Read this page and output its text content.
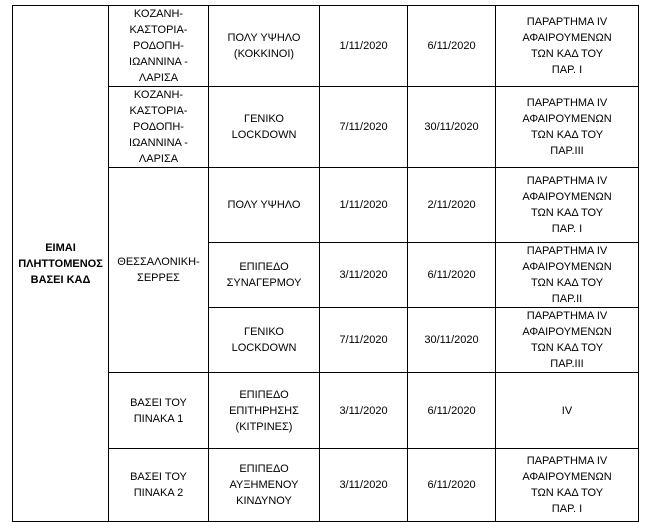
ΕΙΜΑΙ
ΠΛΗΤΤΟΜΕΝΟΣ
ΒΑΣΕΙ ΚΑΔ	ΚΟΖΑΝΗ-
ΚΑΣΤΟΡΙΑ-
ΡΟΔΟΠΗ-
ΙΩΑΝΝΙΝΑ -
ΛΑΡΙΣΑ	ΠΟΛΥ ΥΨΗΛΟ
(ΚΟΚΚΙΝΟΙ)	1/11/2020	6/11/2020	ΠΑΡΑΡΤΗΜΑ IV
ΑΦΑΙΡΟΥΜΕΝΩΝ
ΤΩΝ ΚΑΔ ΤΟΥ
ΠΑΡ. Ι
	ΚΟΖΑΝΗ-
ΚΑΣΤΟΡΙΑ-
ΡΟΔΟΠΗ-
ΙΩΑΝΝΙΝΑ -
ΛΑΡΙΣΑ	ΓΕΝΙΚΟ
LOCKDOWN	7/11/2020	30/11/2020	ΠΑΡΑΡΤΗΜΑ IV
ΑΦΑΙΡΟΥΜΕΝΩΝ
ΤΩΝ ΚΑΔ ΤΟΥ
ΠΑΡ.ΙΙΙ
	ΘΕΣΣΑΛΟΝΙΚΗ-
ΣΕΡΡΕΣ	ΠΟΛΥ ΥΨΗΛΟ	1/11/2020	2/11/2020	ΠΑΡΑΡΤΗΜΑ IV
ΑΦΑΙΡΟΥΜΕΝΩΝ
ΤΩΝ ΚΑΔ ΤΟΥ
ΠΑΡ. Ι
		ΕΠΙΠΕΔΟ
ΣΥΝΑΓΕΡΜΟΥ	3/11/2020	6/11/2020	ΠΑΡΑΡΤΗΜΑ IV
ΑΦΑΙΡΟΥΜΕΝΩΝ
ΤΩΝ ΚΑΔ ΤΟΥ
ΠΑΡ.ΙΙ
		ΓΕΝΙΚΟ
LOCKDOWN	7/11/2020	30/11/2020	ΠΑΡΑΡΤΗΜΑ IV
ΑΦΑΙΡΟΥΜΕΝΩΝ
ΤΩΝ ΚΑΔ ΤΟΥ
ΠΑΡ.ΙΙΙ
	ΒΑΣΕΙ ΤΟΥ
ΠΙΝΑΚΑ 1	ΕΠΙΠΕΔΟ
ΕΠΙΤΗΡΗΣΗΣ
(ΚΙΤΡΙΝΕΣ)	3/11/2020	6/11/2020	IV
	ΒΑΣΕΙ ΤΟΥ
ΠΙΝΑΚΑ 2	ΕΠΙΠΕΔΟ
ΑΥΞΗΜΕΝΟΥ
ΚΙΝΔΥΝΟΥ	3/11/2020	6/11/2020	ΠΑΡΑΡΤΗΜΑ IV
ΑΦΑΙΡΟΥΜΕΝΩΝ
ΤΩΝ ΚΑΔ ΤΟΥ
ΠΑΡ. Ι
